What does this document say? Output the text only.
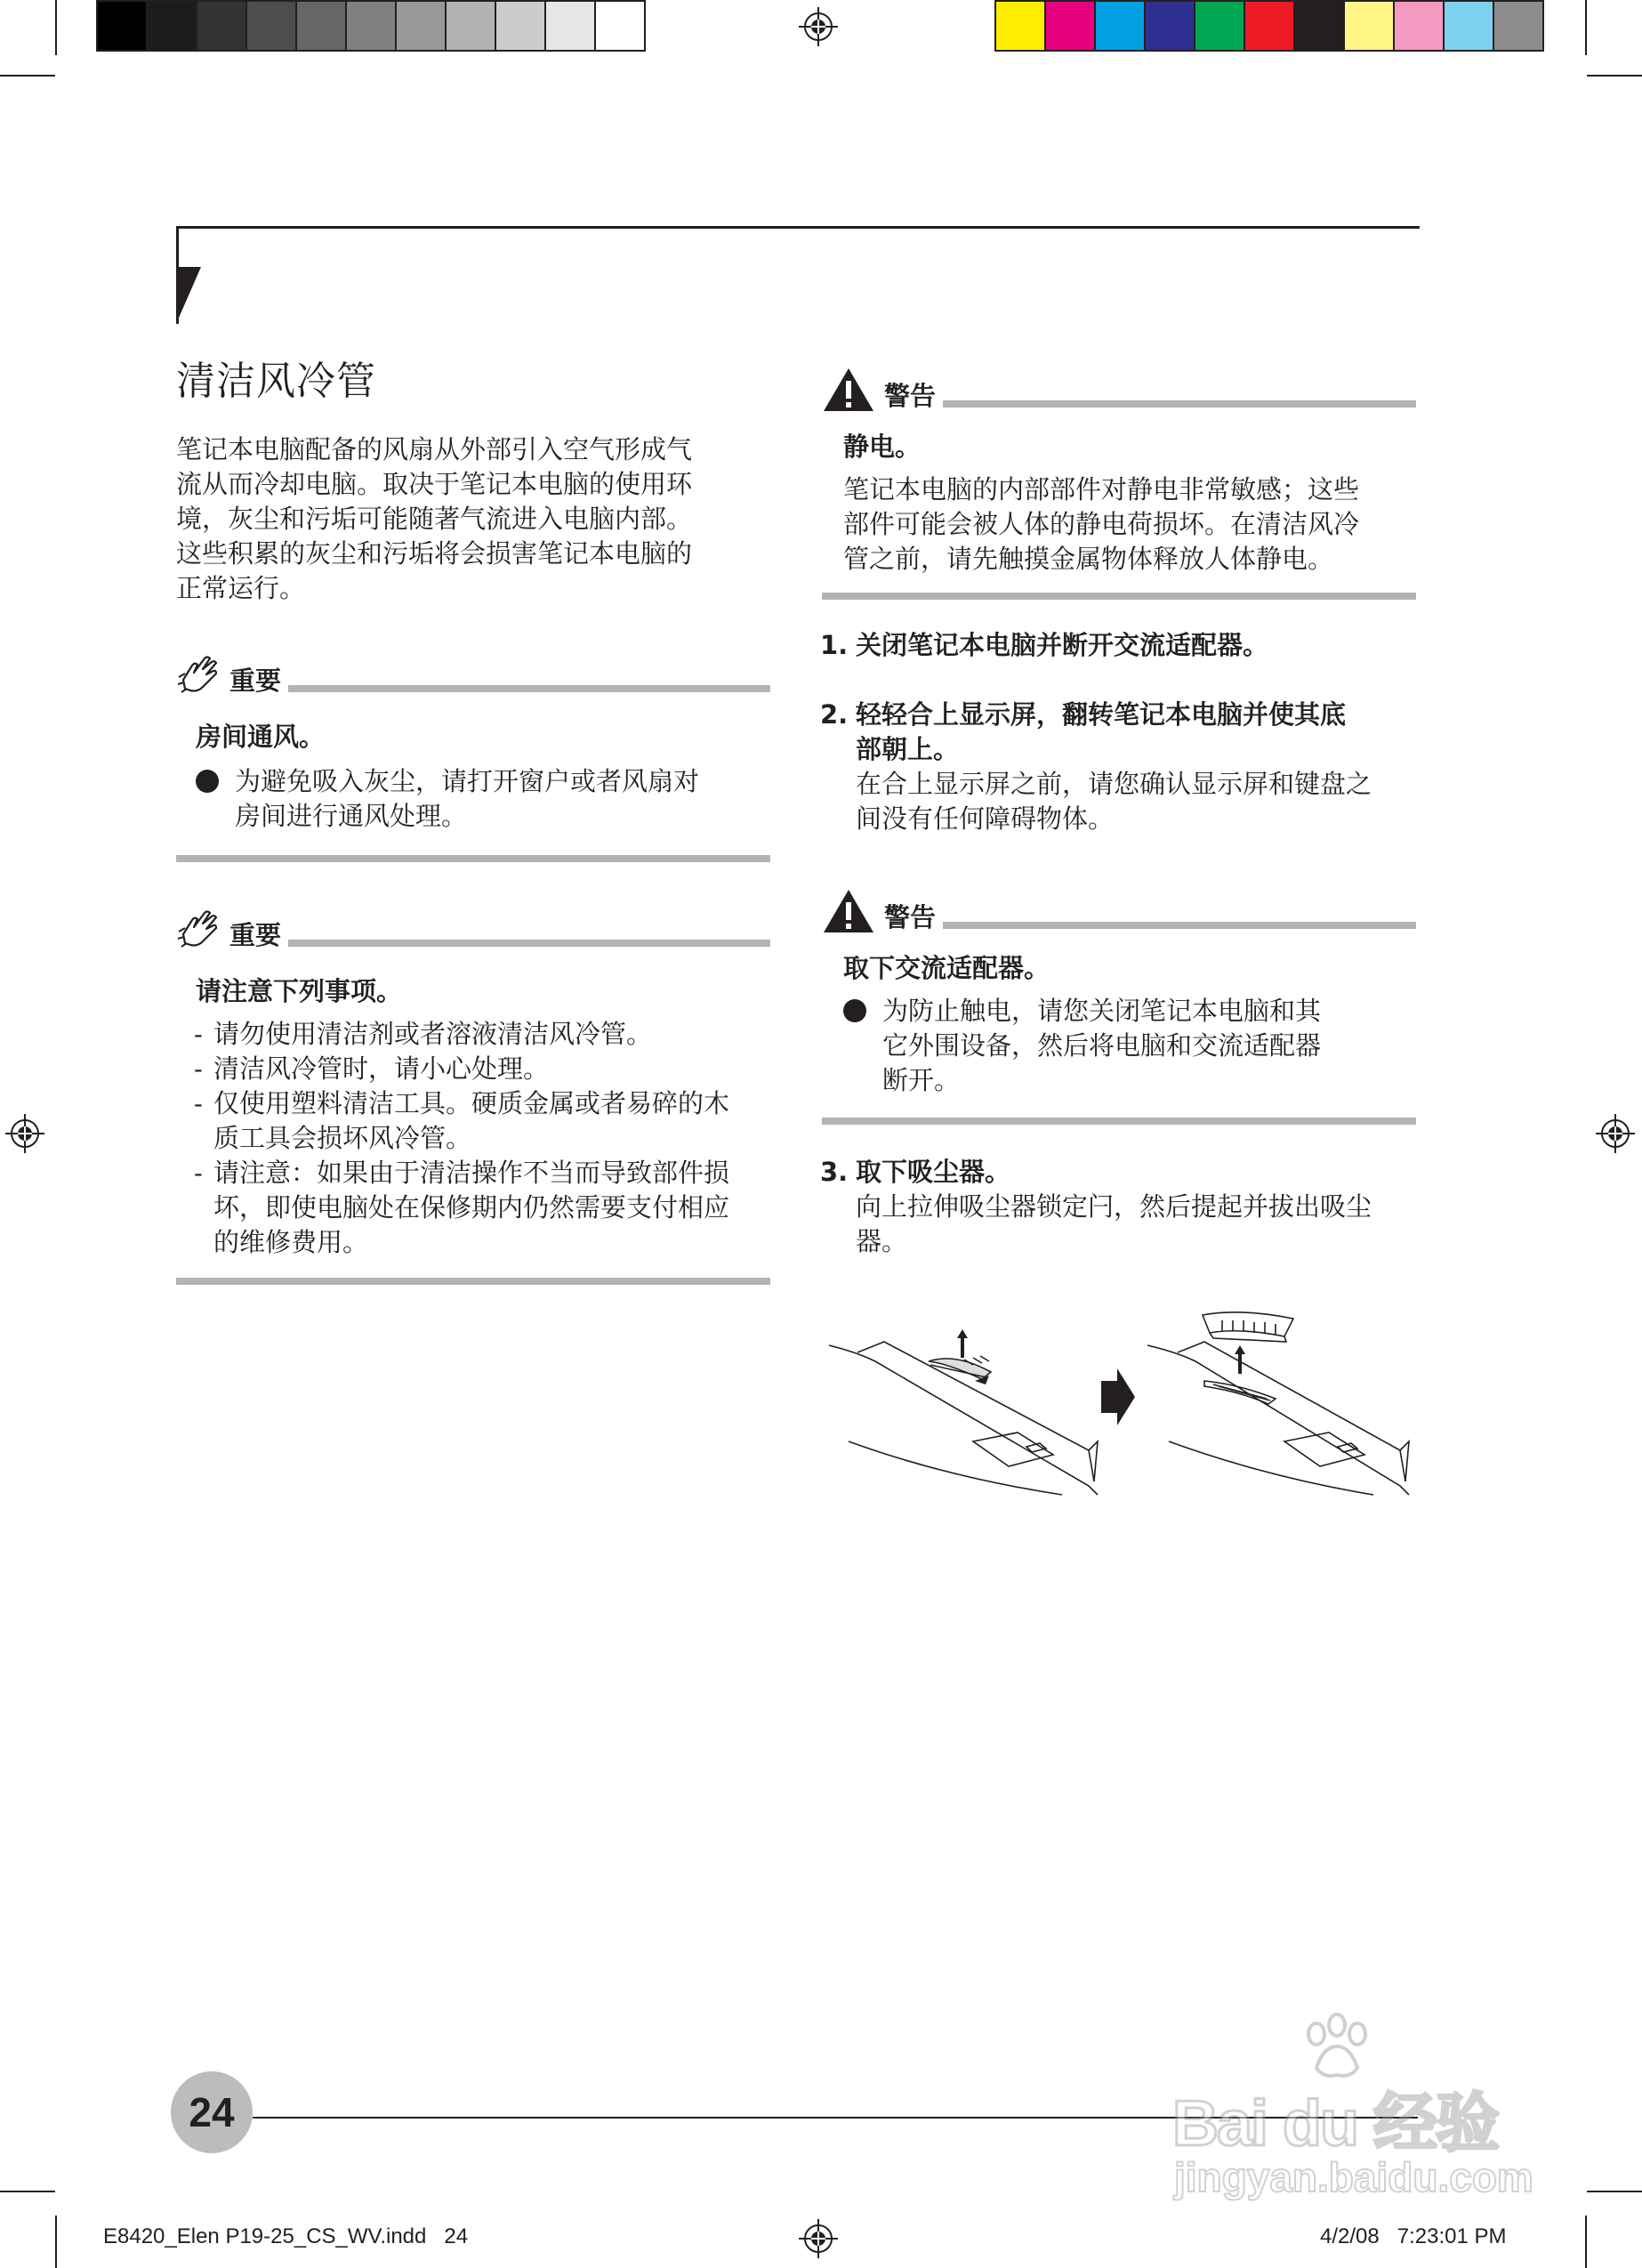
清洁风冷管
笔记本电脑配备的风扇从外部引入空气形成气
流从而冷却电脑。取决于笔记本电脑的使用环
境，灰尘和污垢可能随著气流进入电脑内部。
这些积累的灰尘和污垢将会损害笔记本电脑的
正常运行。
重要
房间通风。
为避免吸入灰尘，请打开窗户或者风扇对
房间进行通风处理。
重要
请注意下列事项。
- 请勿使用清洁剂或者溶液清洁风冷管。
- 清洁风冷管时，请小心处理。
- 仅使用塑料清洁工具。硬质金属或者易碎的木
质工具会损坏风冷管。
- 请注意：如果由于清洁操作不当而导致部件损
坏，即使电脑处在保修期内仍然需要支付相应
的维修费用。
警告
静电。
笔记本电脑的内部部件对静电非常敏感；这些
部件可能会被人体的静电荷损坏。在清洁风冷
管之前，请先触摸金属物体释放人体静电。
1. 关闭笔记本电脑并断开交流适配器。
2. 轻轻合上显示屏，翻转笔记本电脑并使其底
部朝上。
在合上显示屏之前，请您确认显示屏和键盘之
间没有任何障碍物体。
警告
取下交流适配器。
为防止触电，请您关闭笔记本电脑和其
它外围设备，然后将电脑和交流适配器
断开。
3. 取下吸尘器。
向上拉伸吸尘器锁定闩，然后提起并拔出吸尘
器。
24
E8420_Elen P19-25_CS_WV.indd   24	4/2/08   7:23:01 PM
Bai du 经验
jingyan.baidu.com
